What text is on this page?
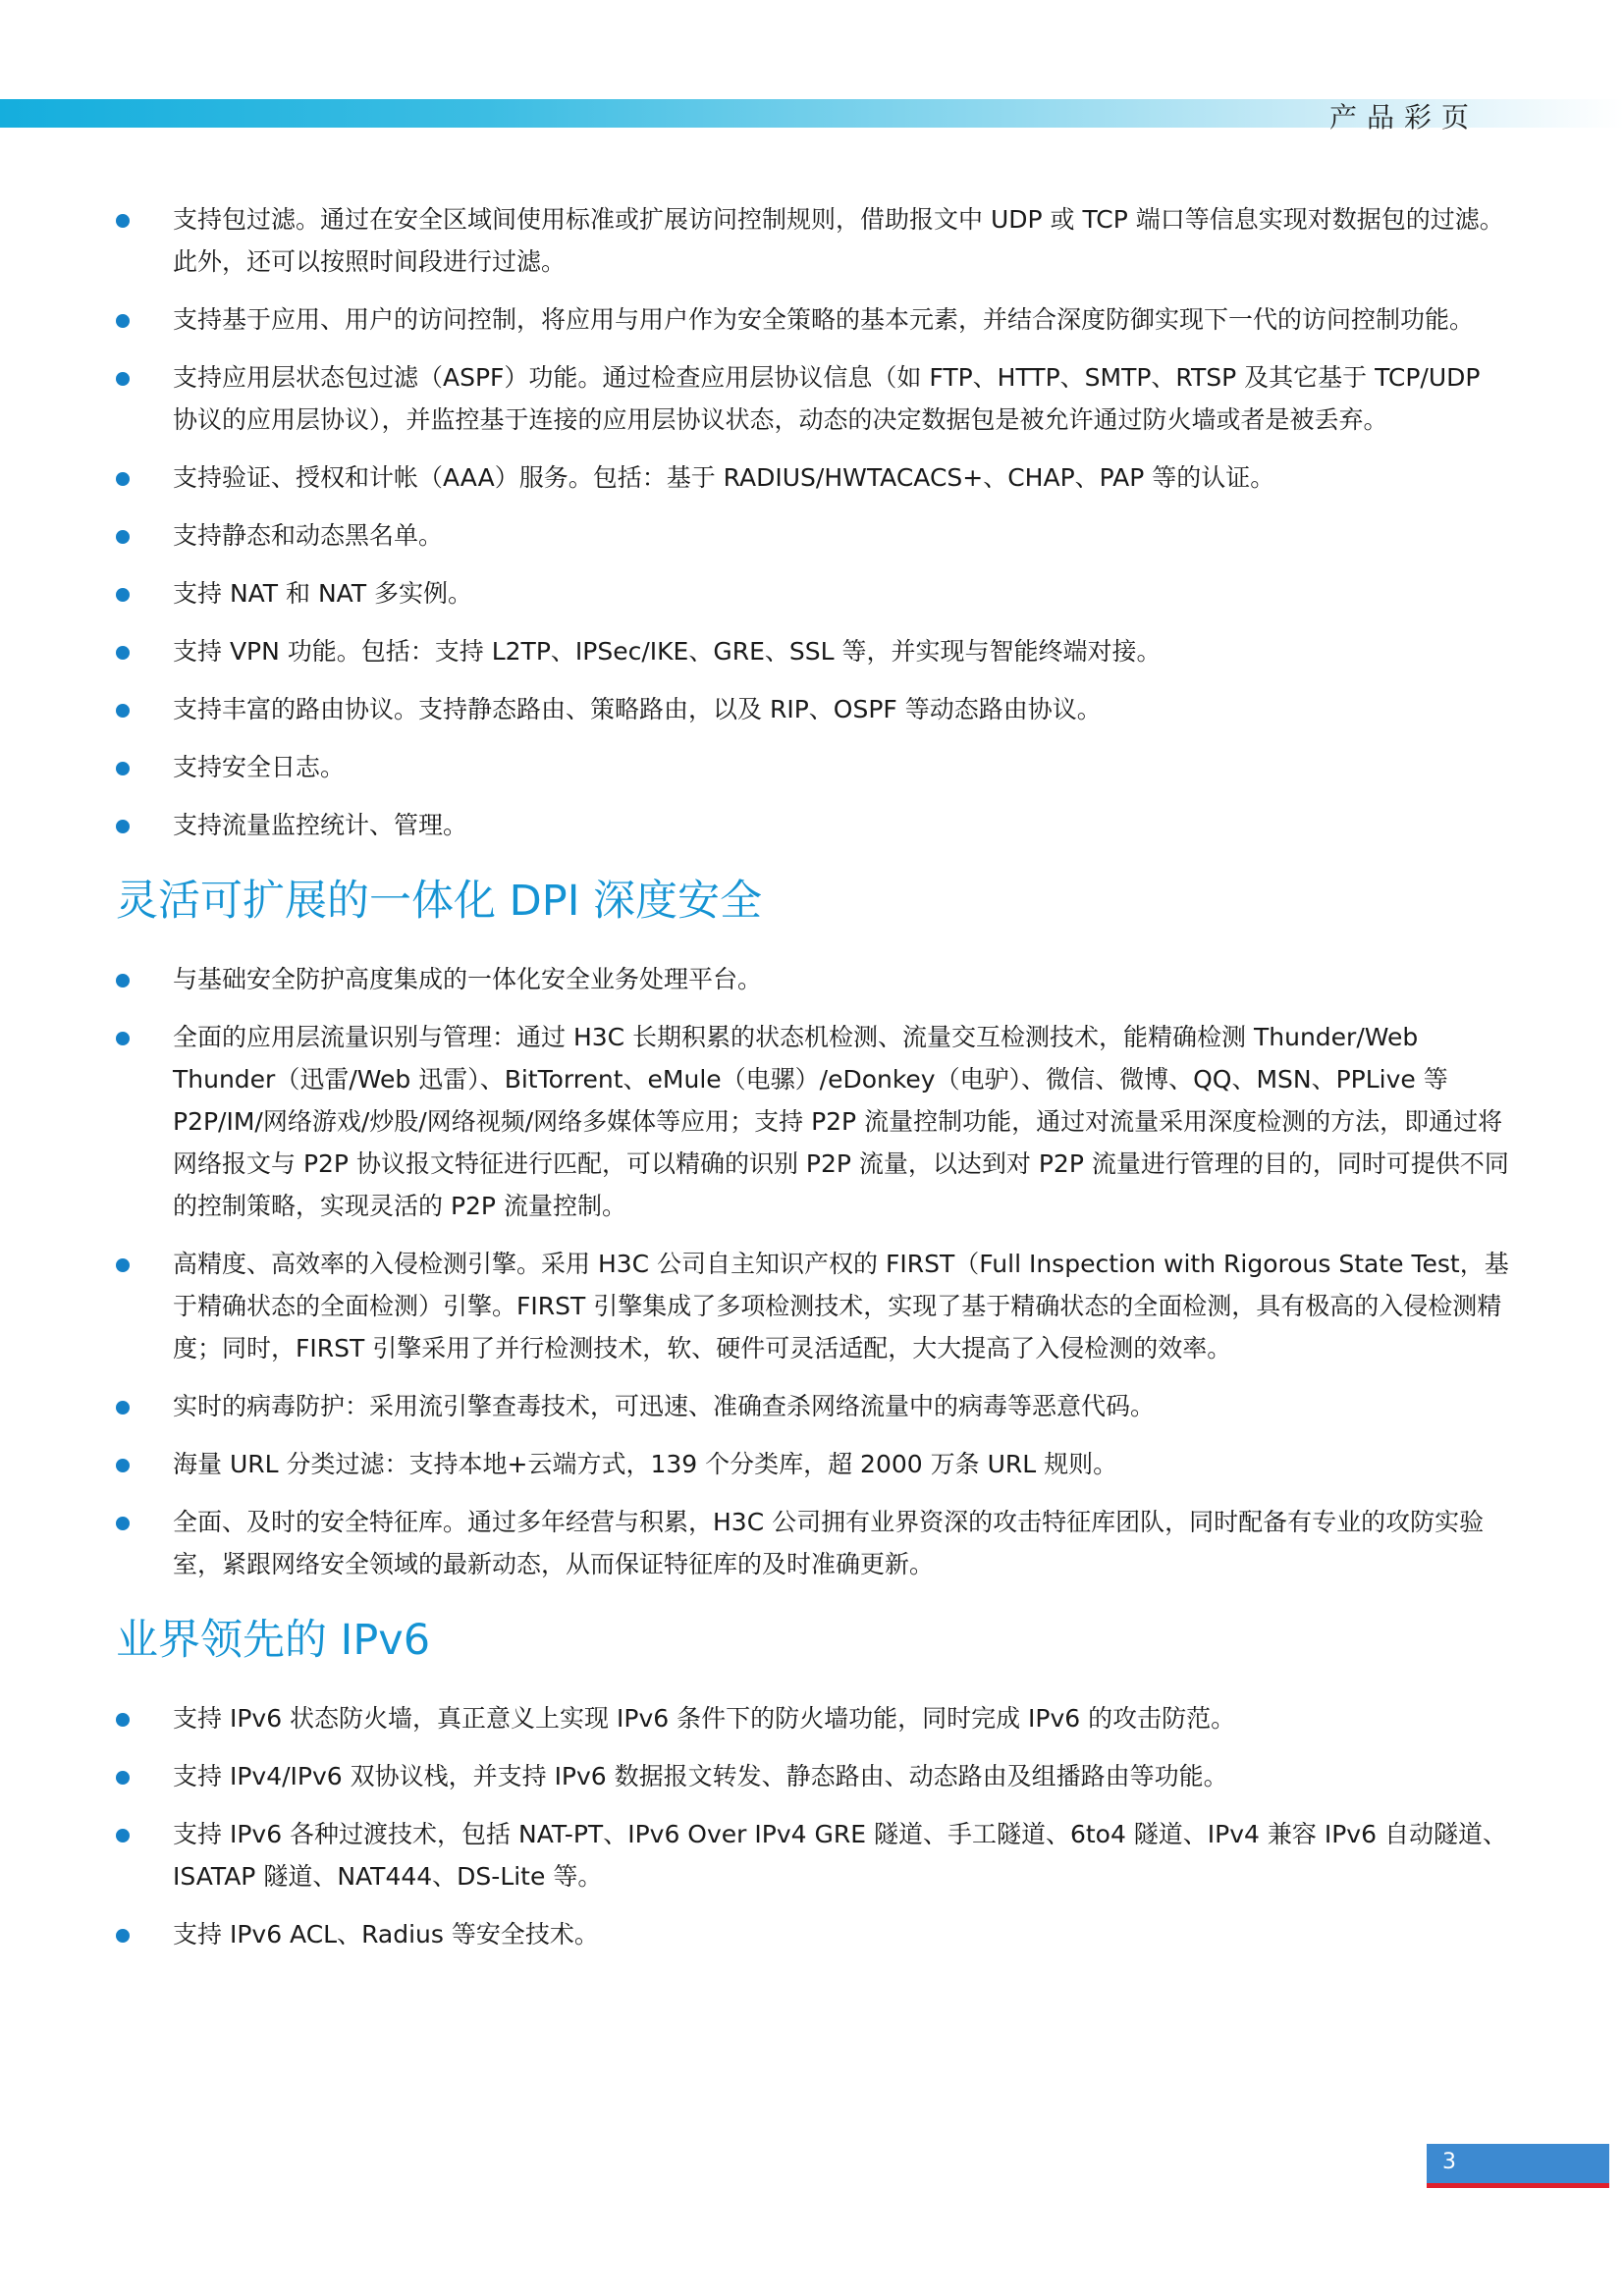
产品彩页
支持包过滤。通过在安全区域间使用标准或扩展访问控制规则，借助报文中 UDP 或 TCP 端口等信息实现对数据包的过滤。此外，还可以按照时间段进行过滤。
支持基于应用、用户的访问控制，将应用与用户作为安全策略的基本元素，并结合深度防御实现下一代的访问控制功能。
支持应用层状态包过滤（ASPF）功能。通过检查应用层协议信息（如 FTP、HTTP、SMTP、RTSP 及其它基于 TCP/UDP 协议的应用层协议），并监控基于连接的应用层协议状态，动态的决定数据包是被允许通过防火墙或者是被丢弃。
支持验证、授权和计帐（AAA）服务。包括：基于 RADIUS/HWTACACS+、CHAP、PAP 等的认证。
支持静态和动态黑名单。
支持 NAT 和 NAT 多实例。
支持 VPN 功能。包括：支持 L2TP、IPSec/IKE、GRE、SSL 等，并实现与智能终端对接。
支持丰富的路由协议。支持静态路由、策略路由，以及 RIP、OSPF 等动态路由协议。
支持安全日志。
支持流量监控统计、管理。
灵活可扩展的一体化 DPI 深度安全
与基础安全防护高度集成的一体化安全业务处理平台。
全面的应用层流量识别与管理：通过 H3C 长期积累的状态机检测、流量交互检测技术，能精确检测 Thunder/Web Thunder（迅雷/Web 迅雷）、BitTorrent、eMule（电骡）/eDonkey（电驴）、微信、微博、QQ、MSN、PPLive 等 P2P/IM/网络游戏/炒股/网络视频/网络多媒体等应用；支持 P2P 流量控制功能，通过对流量采用深度检测的方法，即通过将网络报文与 P2P 协议报文特征进行匹配，可以精确的识别 P2P 流量，以达到对 P2P 流量进行管理的目的，同时可提供不同的控制策略，实现灵活的 P2P 流量控制。
高精度、高效率的入侵检测引擎。采用 H3C 公司自主知识产权的 FIRST（Full Inspection with Rigorous State Test，基于精确状态的全面检测）引擎。FIRST 引擎集成了多项检测技术，实现了基于精确状态的全面检测，具有极高的入侵检测精度；同时，FIRST 引擎采用了并行检测技术，软、硬件可灵活适配，大大提高了入侵检测的效率。
实时的病毒防护：采用流引擎查毒技术，可迅速、准确查杀网络流量中的病毒等恶意代码。
海量 URL 分类过滤：支持本地+云端方式，139 个分类库，超 2000 万条 URL 规则。
全面、及时的安全特征库。通过多年经营与积累，H3C 公司拥有业界资深的攻击特征库团队，同时配备有专业的攻防实验室，紧跟网络安全领域的最新动态，从而保证特征库的及时准确更新。
业界领先的 IPv6
支持 IPv6 状态防火墙，真正意义上实现 IPv6 条件下的防火墙功能，同时完成 IPv6 的攻击防范。
支持 IPv4/IPv6 双协议栈，并支持 IPv6 数据报文转发、静态路由、动态路由及组播路由等功能。
支持 IPv6 各种过渡技术，包括 NAT-PT、IPv6 Over IPv4 GRE 隧道、手工隧道、6to4 隧道、IPv4 兼容 IPv6 自动隧道、ISATAP 隧道、NAT444、DS-Lite 等。
支持 IPv6 ACL、Radius 等安全技术。
3
